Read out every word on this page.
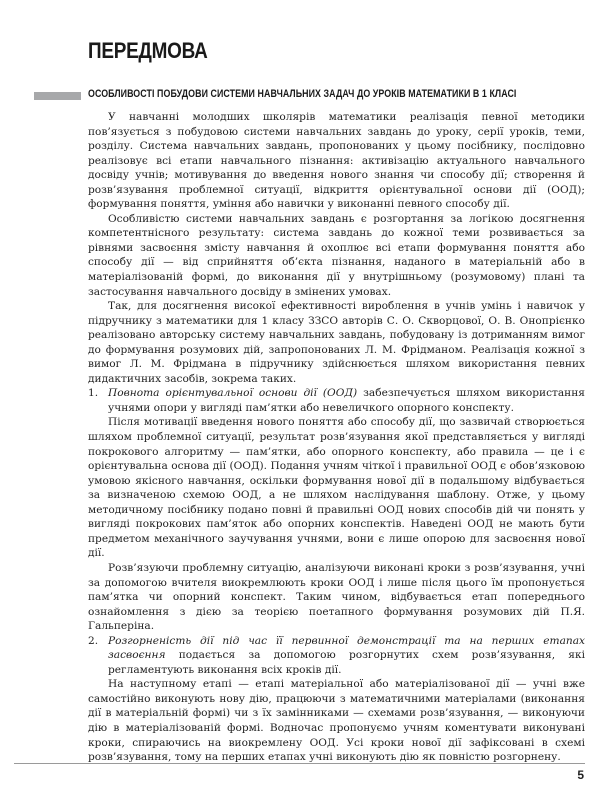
ПЕРЕДМОВА
ОСОБЛИВОСТІ ПОБУДОВИ СИСТЕМИ НАВЧАЛЬНИХ ЗАДАЧ ДО УРОКІВ МАТЕМАТИКИ В 1 КЛАСІ

У навчанні молодших школярів математики реалізація певної методики пов’язується з побудовою системи навчальних завдань до уроку, серії уроків, теми, розділу. Система навчальних завдань, пропонованих у цьому посібнику, послідовно реалізовує всі етапи навчального пізнання: активізацію актуального навчального досвіду учнів; мотивування до введення нового знання чи способу дії; створення й розв’язування проблемної ситуації, відкриття орієнтувальної основи дії (ООД); формування поняття, уміння або навички у виконанні певного способу дії.

Особливістю системи навчальних завдань є розгортання за логікою досягнення компетентнісного результату: система завдань до кожної теми розвивається за рівнями засвоєння змісту навчання й охоплює всі етапи формування поняття або способу дії — від сприйняття об’єкта пізнання, наданого в матеріальній або в матеріалізованій формі, до виконання дії у внутрішньому (розумовому) плані та застосування навчального досвіду в змінених умовах.

Так, для досягнення високої ефективності вироблення в учнів умінь і навичок у підручнику з математики для 1 класу ЗЗСО авторів С. О. Скворцової, О. В. Онопрієнко реалізовано авторську систему навчальних завдань, побудовану із дотриманням вимог до формування розумових дій, запропонованих Л. М. Фрідманом. Реалізація кожної з вимог Л. М. Фрідмана в підручнику здійснюється шляхом використання певних дидактичних засобів, зокрема таких.

1. Повнота орієнтувальної основи дії (ООД) забезпечується шляхом використання учнями опори у вигляді пам’ятки або невеличкого опорного конспекту.

Після мотивації введення нового поняття або способу дії, що зазвичай створюється шляхом проблемної ситуації, результат розв’язування якої представляється у вигляді покрокового алгоритму — пам’ятки, або опорного конспекту, або правила — це і є орієнтувальна основа дії (ООД). Подання учням чіткої і правильної ООД є обов’язковою умовою якісного навчання, оскільки формування нової дії в подальшому відбувається за визначеною схемою ООД, а не шляхом наслідування шаблону. Отже, у цьому методичному посібнику подано повні й правильні ООД нових способів дій чи понять у вигляді покрокових пам’яток або опорних конспектів. Наведені ООД не мають бути предметом механічного заучування учнями, вони є лише опорою для засвоєння нової дії.

Розв’язуючи проблемну ситуацію, аналізуючи виконані кроки з розв’язування, учні за допомогою вчителя виокремлюють кроки ООД і лише після цього їм пропонується пам’ятка чи опорний конспект. Таким чином, відбувається етап попереднього ознайомлення з дією за теорією поетапного формування розумових дій П.Я. Гальперіна.

2. Розгорненість дії під час її первинної демонстрації та на перших етапах засвоєння подається за допомогою розгорнутих схем розв’язування, які регламентують виконання всіх кроків дії.

На наступному етапі — етапі матеріальної або матеріалізованої дії — учні вже самостійно виконують нову дію, працюючи з математичними матеріалами (виконання дії в матеріальній формі) чи з їх замінниками — схемами розв’язування, — виконуючи дію в матеріалізованій формі. Водночас пропонуємо учням коментувати виконувані кроки, спираючись на виокремлену ООД. Усі кроки нової дії зафіксовані в схемі розв’язування, тому на перших етапах учні виконують дію як повністю розгорнену.

5
